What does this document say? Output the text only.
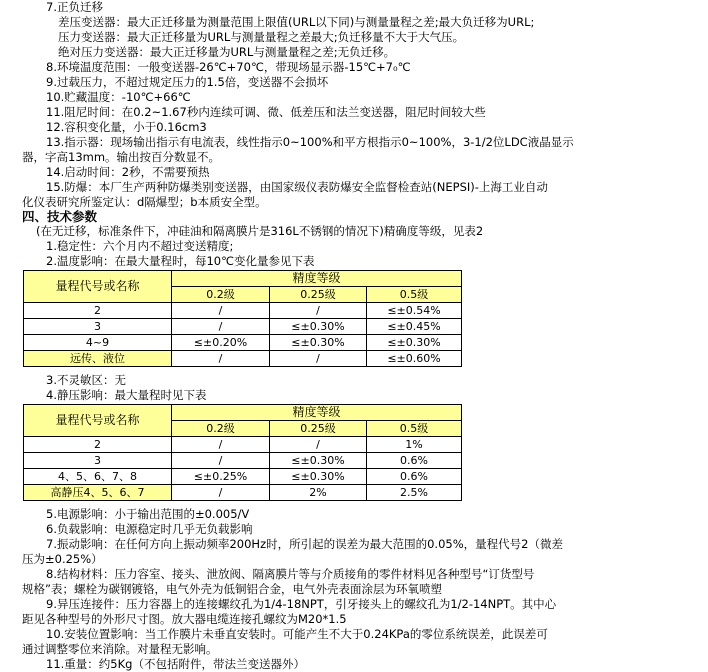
7.正负迁移
差压变送器：最大正迁移量为测量范围上限值(URL以下同)与测量量程之差;最大负迁移为URL;
压力变送器：最大正迁移量为URL与测量量程之差最大;负迁移量不大于大气压。
绝对压力变送器：最大正迁移量为URL与测量量程之差;无负迁移。
8.环境温度范围：一般变送器-26℃+70℃，带现场显示器-15℃+7₀℃
9.过载压力，不超过规定压力的1.5倍，变送器不会损坏
10.贮藏温度：-10℃+66℃
11.阻尼时间：在0.2~1.67秒内连续可调、微、低差压和法兰变送器，阻尼时间较大些
12.容积变化量，小于0.16cm3
13.指示器：现场输出指示有电流表，线性指示0~100%和平方根指示0~100%，3-1/2位LDC液晶显示
器，字高13mm。输出按百分数显不。
14.启动时间：2秒，不需要预热
15.防爆：本厂生产两种防爆类别变送器，由国家级仪表防爆安全监督检查站(NEPSI)-上海工业自动
化仪表研究所鉴定认：d隔爆型；b本质安全型。
四、技术参数
(在无迁移，标准条件下，冲硅油和隔离膜片是316L不锈钢的情况下)精确度等级，见表2
1.稳定性：六个月内不超过变送精度;
2.温度影响：在最大量程时，每10℃变化量参见下表
量程代号或名称	精度等级		
	0.2级	0.25级	0.5级
2	/	/	≤±0.54%
3	/	≤±0.30%	≤±0.45%
4~9	≤±0.20%	≤±0.30%	≤±0.30%
远传、液位	/	/	≤±0.60%
3.不灵敏区：无
4.静压影响：最大量程时见下表
量程代号或名称	精度等级		
	0.2级	0.25级	0.5级
2	/	/	1%
3	/	≤±0.30%	0.6%
4、5、6、7、8	≤±0.25%	≤±0.30%	0.6%
高静压4、5、6、7	/	2%	2.5%
5.电源影响：小于输出范围的±0.005/V
6.负载影响：电源稳定时几乎无负载影响
7.振动影响：在任何方向上振动频率200Hz时，所引起的误差为最大范围的0.05%，量程代号2（微差
压为±0.25%）
8.结构材料：压力容室、接头、泄放阀、隔离膜片等与介质接角的零件材料见各种型号“订货型号
规格”表；螺栓为碳钢镀铬，电气外壳为低铜铝合金，电气外壳表面涂层为环氧喷塑
9.异压连接件：压力容器上的连接螺纹孔为1/4-18NPT，引牙接头上的螺纹孔为1/2-14NPT。其中心
距见各种型号的外形尺寸图。放大器电缆连接孔螺纹为M20*1.5
10.安装位置影响：当工作膜片未垂直安装时。可能产生不大于0.24KPa的零位系统误差，此误差可
通过调整零位来消除。对量程无影响。
11.重量：约5Kg（不包括附件，带法兰变送器外）
